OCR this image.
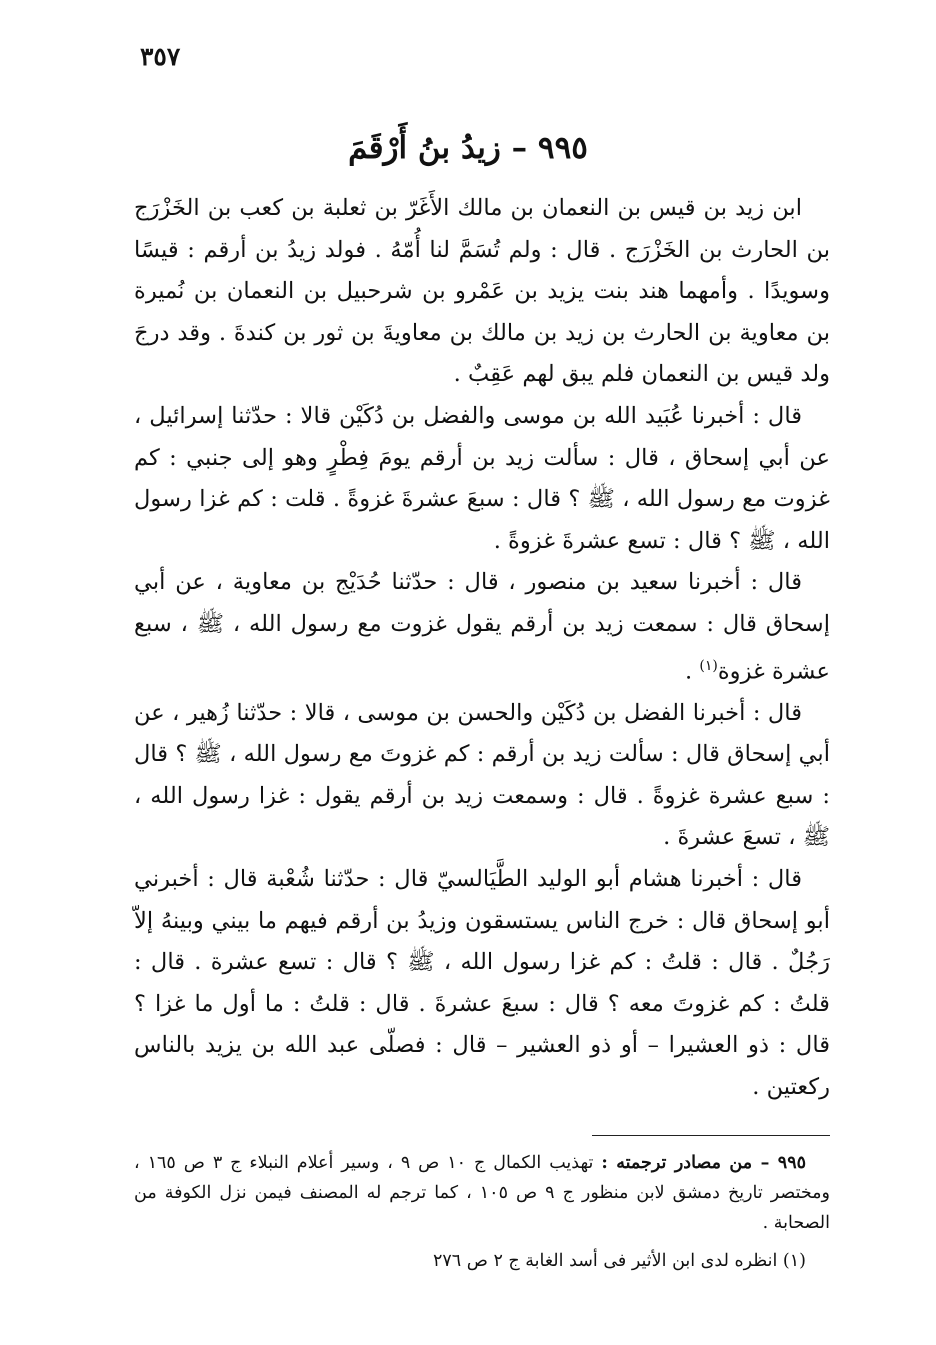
٣٥٧
٩٩٥ – زيدُ بنُ أَرْقَمَ

ابن زيد بن قيس بن النعمان بن مالك الأَغَرّ بن ثعلبة بن كعب بن الخَزْرَج بن الحارث بن الخَزْرَج . قال : ولم تُسَمَّ لنا أُمّهُ . فولد زيدُ بن أرقم : قيسًا وسويدًا . وأمهما هند بنت يزيد بن عَمْرو بن شرحبيل بن النعمان بن نُميرة بن معاوية بن الحارث بن زيد بن مالك بن معاويةَ بن ثور بن كندةَ . وقد درجَ ولد قيس بن النعمان فلم يبق لهم عَقِبٌ .

قال : أخبرنا عُبَيد الله بن موسى والفضل بن دُكَيْن قالا : حدّثنا إسرائيل ، عن أبي إسحاق ، قال : سألت زيد بن أرقم يومَ فِطْرٍ وهو إلى جنبي : كم غزوت مع رسول الله ، ﷺ ؟ قال : سبعَ عشرةَ غزوةً . قلت : كم غزا رسول الله ، ﷺ ؟ قال : تسع عشرةَ غزوةً .

قال : أخبرنا سعيد بن منصور ، قال : حدّثنا حُدَيْج بن معاوية ، عن أبي إسحاق قال : سمعت زيد بن أرقم يقول غزوت مع رسول الله ، ﷺ ، سبع عشرة غزوة$^{(١)}$ .

قال : أخبرنا الفضل بن دُكَيْن والحسن بن موسى ، قالا : حدّثنا زُهير ، عن أبي إسحاق قال : سألت زيد بن أرقم : كم غزوتَ مع رسول الله ، ﷺ ؟ قال : سبع عشرة غزوةً . قال : وسمعت زيد بن أرقم يقول : غزا رسول الله ، ﷺ ، تسعَ عشرةَ .

قال : أخبرنا هشام أبو الوليد الطَّيَالسيّ قال : حدّثنا شُعْبة قال : أخبرني أبو إسحاق قال : خرج الناس يستسقون وزيدُ بن أرقم فيهم ما بيني وبينهُ إلاّ رَجُلٌ . قال : قلتُ : كم غزا رسول الله ، ﷺ ؟ قال : تسع عشرة . قال : قلتُ : كم غزوتَ معه ؟ قال : سبعَ عشرةَ . قال : قلتُ : ما أول ما غزا ؟ قال : ذو العشيرا – أو ذو العشير – قال : فصلّى عبد الله بن يزيد بالناس ركعتين .

٩٩٥ – من مصادر ترجمته : تهذيب الكمال ج ١٠ ص ٩ ، وسير أعلام النبلاء ج ٣ ص ١٦٥ ، ومختصر تاريخ دمشق لابن منظور ج ٩ ص ١٠٥ ، كما ترجم له المصنف فيمن نزل الكوفة من الصحابة .

(١) انظره لدى ابن الأثير فى أسد الغابة ج ٢ ص ٢٧٦
